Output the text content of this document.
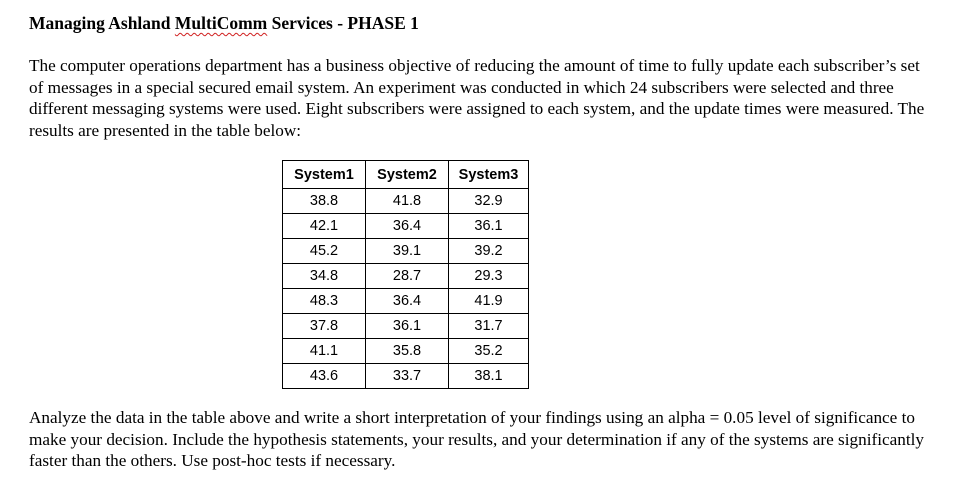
Managing Ashland MultiComm Services - PHASE 1

The computer operations department has a business objective of reducing the amount of time to fully update each subscriber’s set of messages in a special secured email system. An experiment was conducted in which 24 subscribers were selected and three different messaging systems were used. Eight subscribers were assigned to each system, and the update times were measured. The results are presented in the table below:

System1	System2	System3
38.8	41.8	32.9
42.1	36.4	36.1
45.2	39.1	39.2
34.8	28.7	29.3
48.3	36.4	41.9
37.8	36.1	31.7
41.1	35.8	35.2
43.6	33.7	38.1

Analyze the data in the table above and write a short interpretation of your findings using an alpha = 0.05 level of significance to make your decision. Include the hypothesis statements, your results, and your determination if any of the systems are significantly faster than the others. Use post-hoc tests if necessary.
